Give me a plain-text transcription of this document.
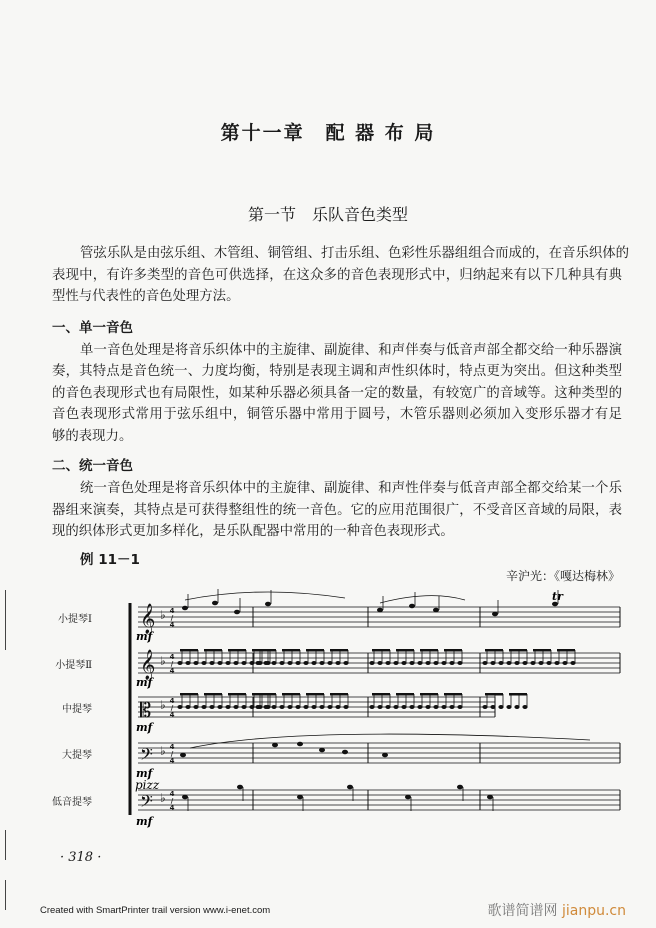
第十一章　配 器 布 局
第一节　乐队音色类型
管弦乐队是由弦乐组、木管组、铜管组、打击乐组、色彩性乐器组组合而成的，在音乐织体的
表现中，有许多类型的音色可供选择，在这众多的音色表现形式中，归纳起来有以下几种具有典
型性与代表性的音色处理方法。
一、单一音色
单一音色处理是将音乐织体中的主旋律、副旋律、和声伴奏与低音声部全都交给一种乐器演
奏，其特点是音色统一、力度均衡，特别是表现主调和声性织体时，特点更为突出。但这种类型
的音色表现形式也有局限性，如某种乐器必须具备一定的数量，有较宽广的音域等。这种类型的
音色表现形式常用于弦乐组中，铜管乐器中常用于圆号，木管乐器则必须加入变形乐器才有足
够的表现力。
二、统一音色
统一音色处理是将音乐织体中的主旋律、副旋律、和声性伴奏与低音声部全都交给某一个乐
器组来演奏，其特点是可获得整组性的统一音色。它的应用范围很广，不受音区音域的局限，表
现的织体形式更加多样化，是乐队配器中常用的一种音色表现形式。
例 11－1
辛沪光：《嘎达梅林》
小提琴Ⅰ
小提琴Ⅱ
中提琴
大提琴
低音提琴
𝄞 ♭
𝄞 ♭
𝄡 ♭
𝄢 ♭
𝄢 ♭
pizz
tr
mf
mf
mf
mf
mf
4/4
4/4
4/4
4/4
4/4
· 318 ·
Created with SmartPrinter trail version www.i-enet.com	歌谱简谱网 jianpu.cn
